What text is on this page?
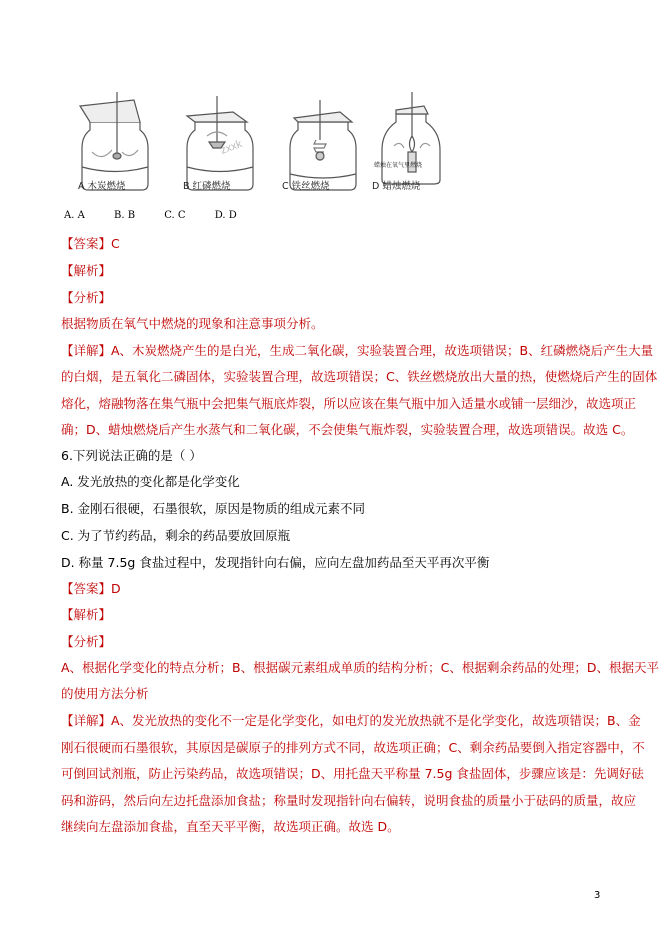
zxxk
蜡烛在氧气里燃烧
A 木炭燃烧	B 红磷燃烧	C 铁丝燃烧	D 蜡烛燃烧
A. A	B. B	C. C	D. D
【答案】C
【解析】
【分析】
根据物质在氧气中燃烧的现象和注意事项分析。
【详解】A、木炭燃烧产生的是白光，生成二氧化碳，实验装置合理，故选项错误；B、红磷燃烧后产生大量
的白烟，是五氧化二磷固体，实验装置合理，故选项错误；C、铁丝燃烧放出大量的热，使燃烧后产生的固体
熔化，熔融物落在集气瓶中会把集气瓶底炸裂，所以应该在集气瓶中加入适量水或铺一层细沙，故选项正
确；D、蜡烛燃烧后产生水蒸气和二氧化碳，不会使集气瓶炸裂，实验装置合理，故选项错误。故选 C。
6.下列说法正确的是（ ）
A. 发光放热的变化都是化学变化
B. 金刚石很硬，石墨很软，原因是物质的组成元素不同
C. 为了节约药品，剩余的药品要放回原瓶
D. 称量 7.5g 食盐过程中，发现指针向右偏，应向左盘加药品至天平再次平衡
【答案】D
【解析】
【分析】
A、根据化学变化的特点分析；B、根据碳元素组成单质的结构分析；C、根据剩余药品的处理；D、根据天平
的使用方法分析
【详解】A、发光放热的变化不一定是化学变化，如电灯的发光放热就不是化学变化，故选项错误；B、金
刚石很硬而石墨很软，其原因是碳原子的排列方式不同，故选项正确；C、剩余药品要倒入指定容器中，不
可倒回试剂瓶，防止污染药品，故选项错误；D、用托盘天平称量 7.5g 食盐固体，步骤应该是：先调好砝
码和游码，然后向左边托盘添加食盐；称量时发现指针向右偏转，说明食盐的质量小于砝码的质量，故应
继续向左盘添加食盐，直至天平平衡，故选项正确。故选 D。
3
